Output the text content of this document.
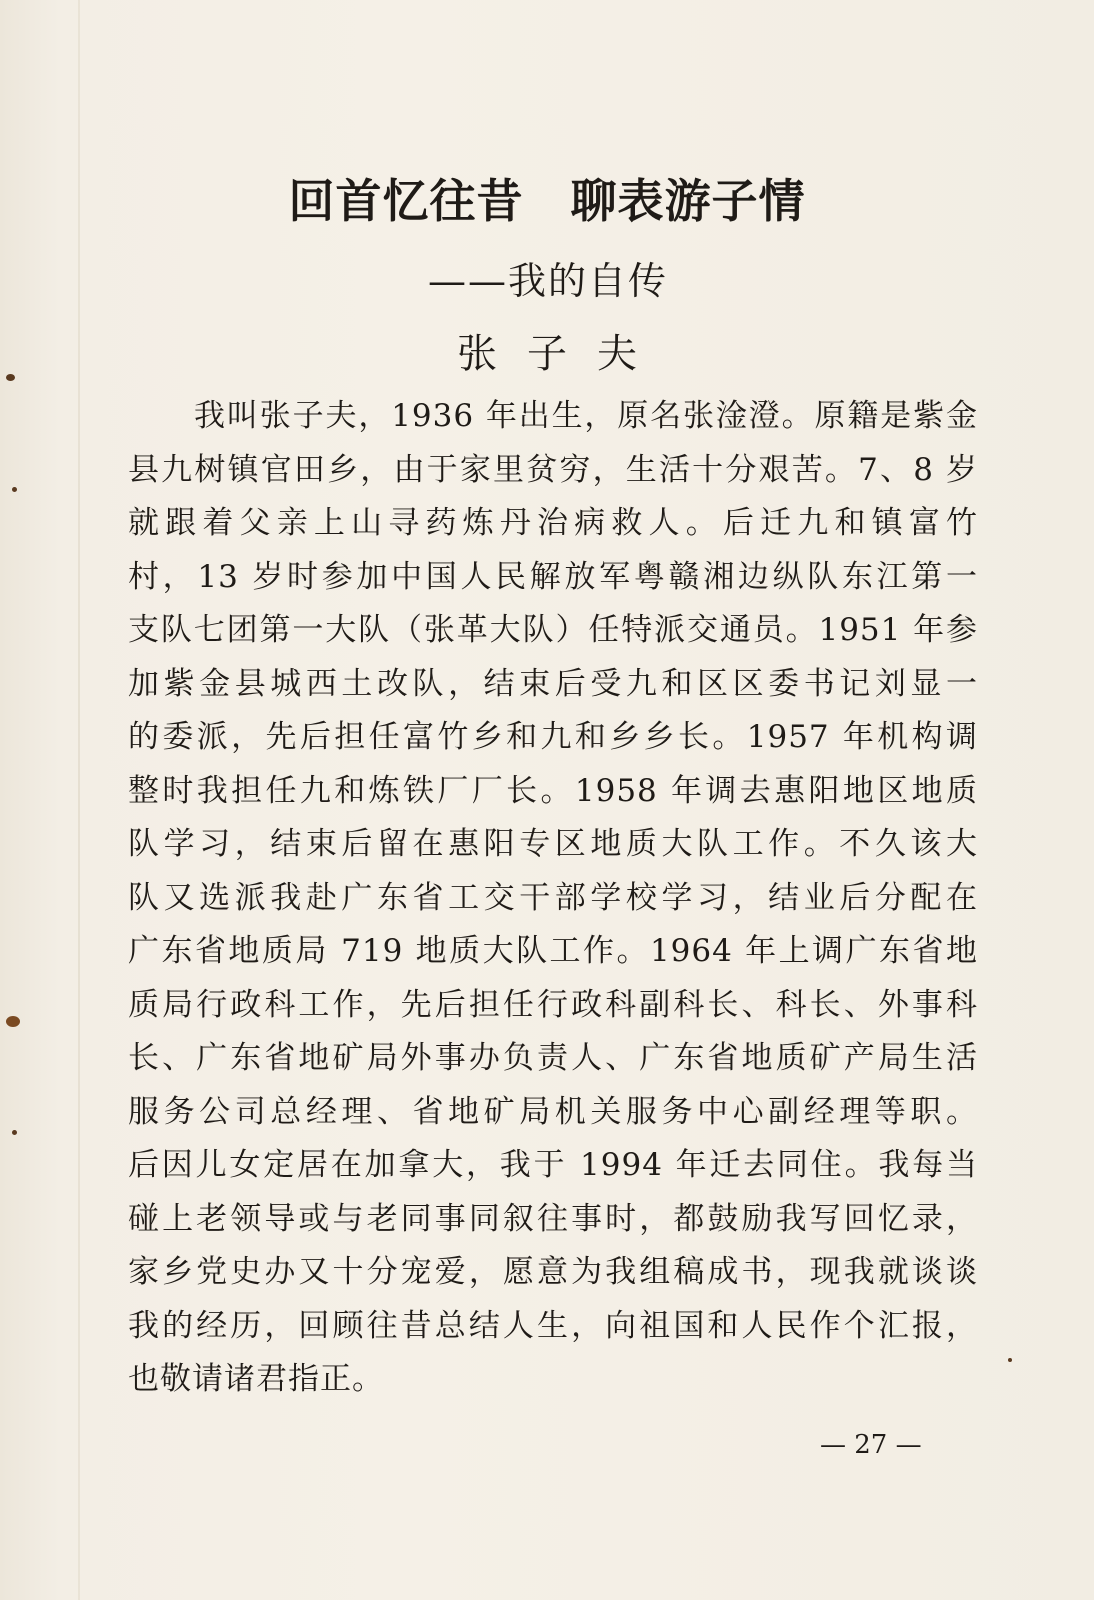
回首忆往昔　聊表游子情
——我的自传
张子夫
我叫张子夫，1936 年出生，原名张淦澄。原籍是紫金
县九树镇官田乡，由于家里贫穷，生活十分艰苦。7、8 岁
就跟着父亲上山寻药炼丹治病救人。后迁九和镇富竹
村，13 岁时参加中国人民解放军粤赣湘边纵队东江第一
支队七团第一大队（张革大队）任特派交通员。1951 年参
加紫金县城西土改队，结束后受九和区区委书记刘显一
的委派，先后担任富竹乡和九和乡乡长。1957 年机构调
整时我担任九和炼铁厂厂长。1958 年调去惠阳地区地质
队学习，结束后留在惠阳专区地质大队工作。不久该大
队又选派我赴广东省工交干部学校学习，结业后分配在
广东省地质局 719 地质大队工作。1964 年上调广东省地
质局行政科工作，先后担任行政科副科长、科长、外事科
长、广东省地矿局外事办负责人、广东省地质矿产局生活
服务公司总经理、省地矿局机关服务中心副经理等职。
后因儿女定居在加拿大，我于 1994 年迁去同住。我每当
碰上老领导或与老同事同叙往事时，都鼓励我写回忆录，
家乡党史办又十分宠爱，愿意为我组稿成书，现我就谈谈
我的经历，回顾往昔总结人生，向祖国和人民作个汇报，
也敬请诸君指正。
— 27 —
